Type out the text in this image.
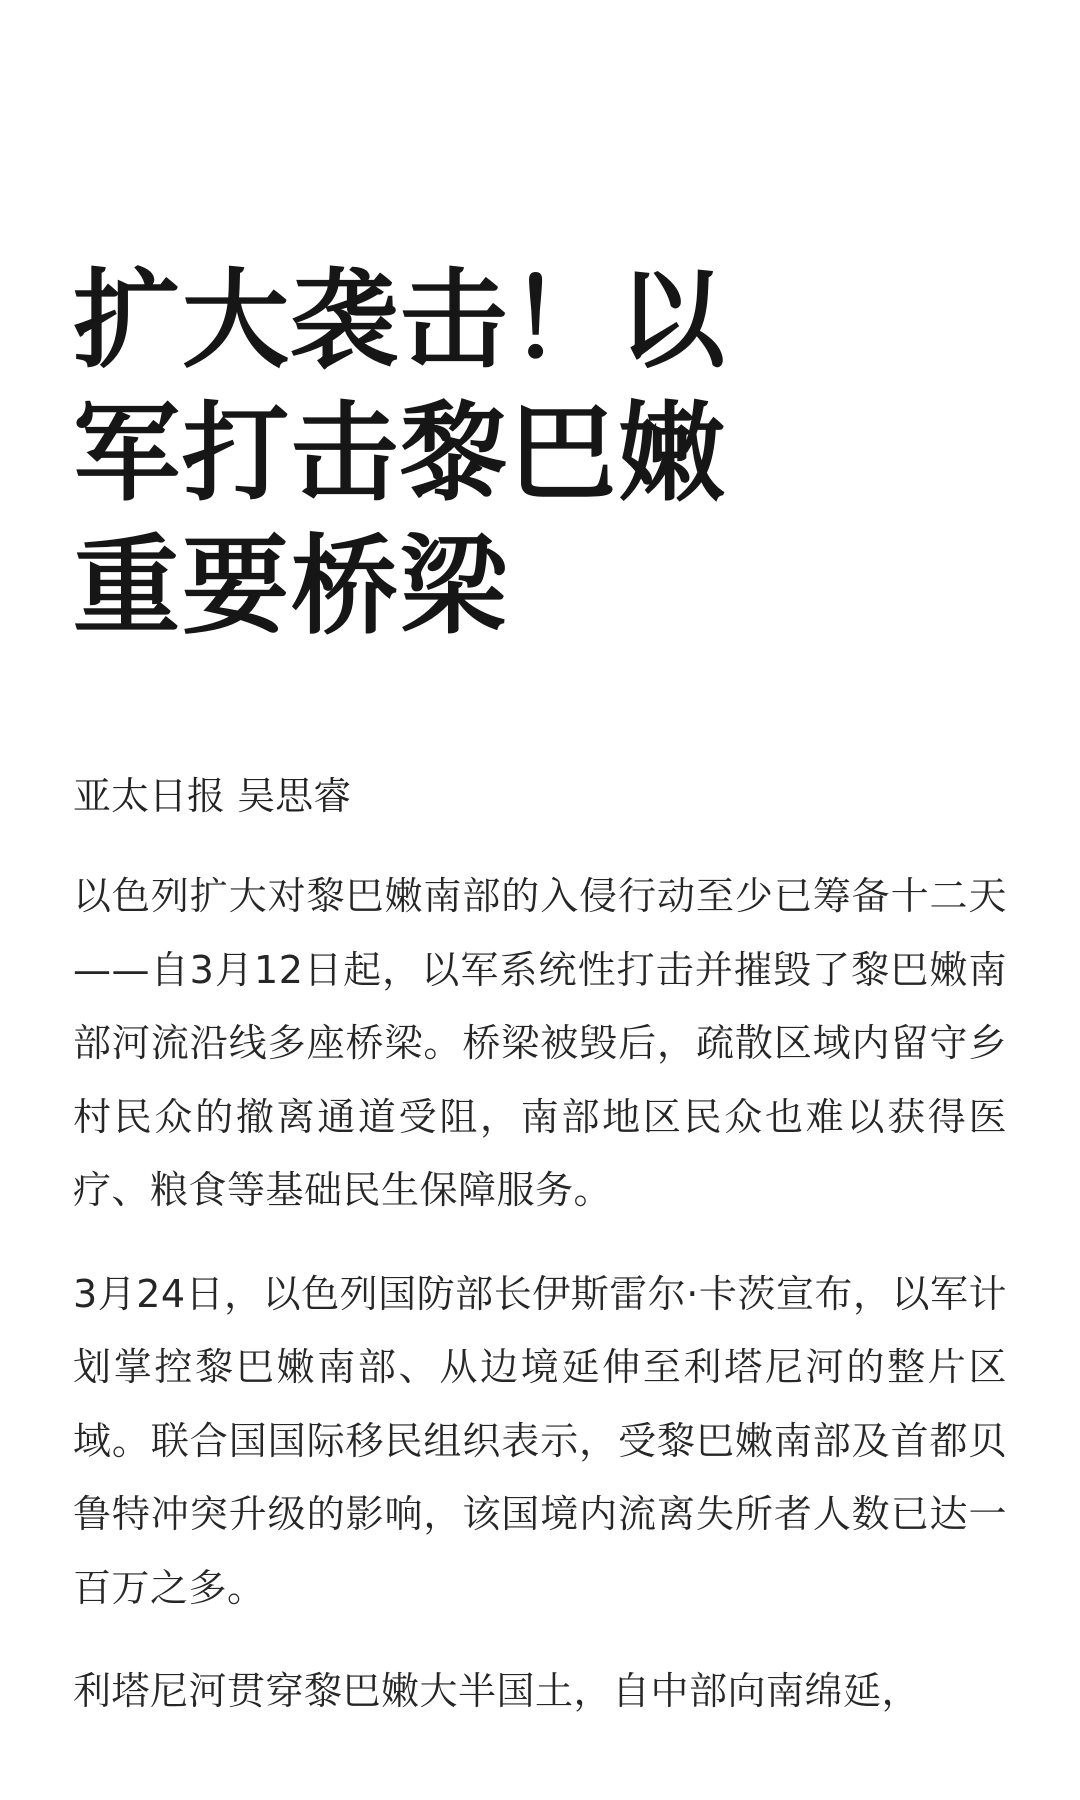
扩大袭击！以军打击黎巴嫩重要桥梁
亚太日报 吴思睿

以色列扩大对黎巴嫩南部的入侵行动至少已筹备十二天——自3月12日起，以军系统性打击并摧毁了黎巴嫩南部河流沿线多座桥梁。桥梁被毁后，疏散区域内留守乡村民众的撤离通道受阻，南部地区民众也难以获得医疗、粮食等基础民生保障服务。

3月24日，以色列国防部长伊斯雷尔·卡茨宣布，以军计划掌控黎巴嫩南部、从边境延伸至利塔尼河的整片区域。联合国国际移民组织表示，受黎巴嫩南部及首都贝鲁特冲突升级的影响，该国境内流离失所者人数已达一百万之多。

利塔尼河贯穿黎巴嫩大半国土，自中部向南绵延，
